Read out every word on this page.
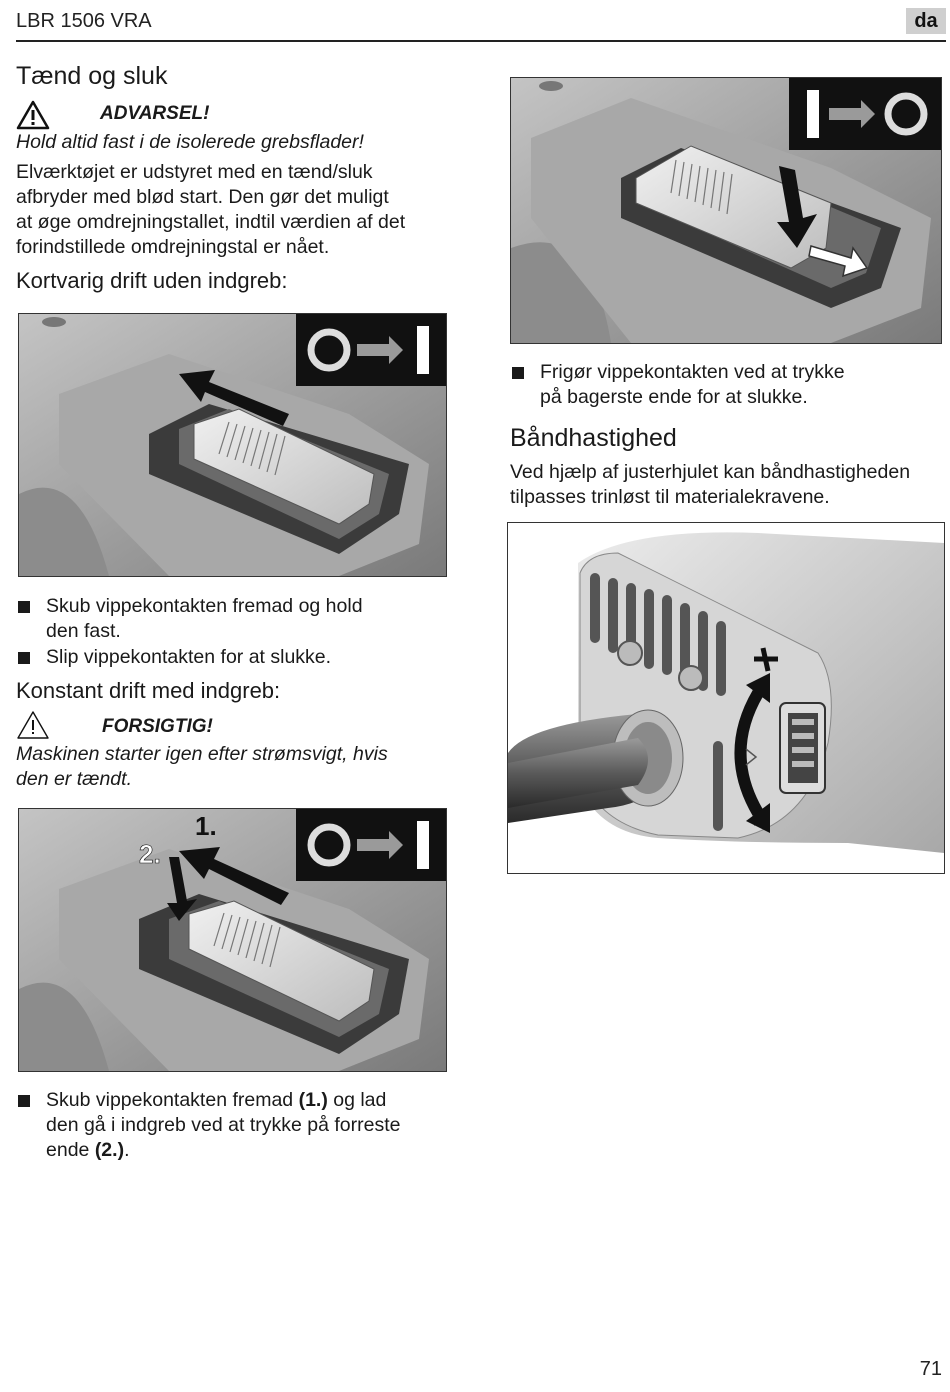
LBR 1506 VRA	da
Tænd og sluk
ADVARSEL!
Hold altid fast i de isolerede grebsflader!
Elværktøjet er udstyret med en tænd/sluk
afbryder med blød start. Den gør det muligt
at øge omdrejningstallet, indtil værdien af det
forindstillede omdrejningstal er nået.
Kortvarig drift uden indgreb:
Skub vippekontakten fremad og hold
den fast.
Slip vippekontakten for at slukke.
Konstant drift med indgreb:
FORSIGTIG!
Maskinen starter igen efter strømsvigt, hvis
den er tændt.
1.
2.
Skub vippekontakten fremad (1.) og lad
den gå i indgreb ved at trykke på forreste
ende (2.).
Frigør vippekontakten ved at trykke
på bagerste ende for at slukke.
Båndhastighed
Ved hjælp af justerhjulet kan båndhastigheden
tilpasses trinløst til materialekravene.
71
